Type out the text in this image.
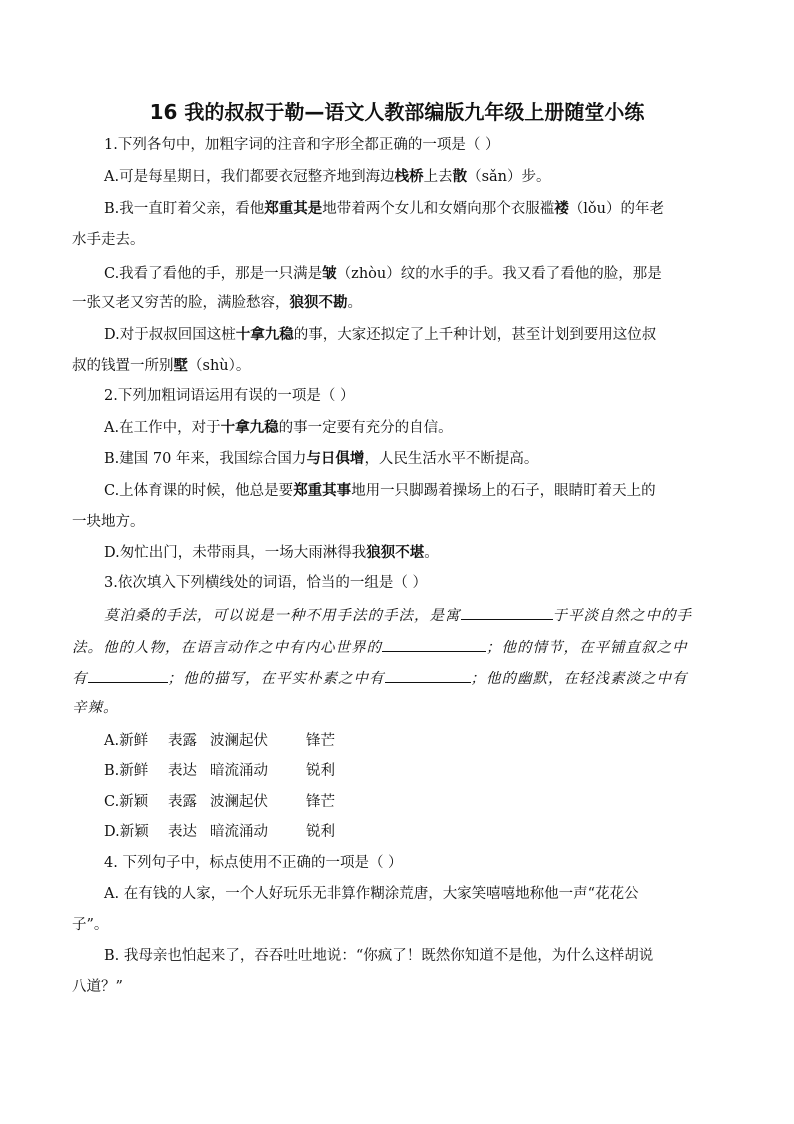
16 我的叔叔于勒—语文人教部编版九年级上册随堂小练
1.下列各句中，加粗字词的注音和字形全都正确的一项是（ ）
A.可是每星期日，我们都要衣冠整齐地到海边栈桥上去散（sǎn）步。
B.我一直盯着父亲，看他郑重其是地带着两个女儿和女婿向那个衣服褴褛（lǒu）的年老
水手走去。
C.我看了看他的手，那是一只满是皱（zhòu）纹的水手的手。我又看了看他的脸，那是
一张又老又穷苦的脸，满脸愁容，狼狈不勘。
D.对于叔叔回国这桩十拿九稳的事，大家还拟定了上千种计划，甚至计划到要用这位叔
叔的钱置一所别墅（shù）。
2.下列加粗词语运用有误的一项是（ ）
A.在工作中，对于十拿九稳的事一定要有充分的自信。
B.建国 70 年来，我国综合国力与日俱增，人民生活水平不断提高。
C.上体育课的时候，他总是要郑重其事地用一只脚踢着操场上的石子，眼睛盯着天上的
一块地方。
D.匆忙出门，未带雨具，一场大雨淋得我狼狈不堪。
3.依次填入下列横线处的词语，恰当的一组是（ ）
莫泊桑的手法，可以说是一种不用手法的手法，是寓	于平淡自然之中的手
法。他的人物，在语言动作之中有内心世界的	；他的情节，在平铺直叙之中
有	；他的描写，在平实朴素之中有	；他的幽默，在轻浅素淡之中有
辛辣。
A.新鲜 表露 波澜起伏	锋芒
B.新鲜 表达 暗流涌动	锐利
C.新颖 表露 波澜起伏	锋芒
D.新颖 表达 暗流涌动	锐利
4. 下列句子中，标点使用不正确的一项是（ ）
A. 在有钱的人家，一个人好玩乐无非算作糊涂荒唐，大家笑嘻嘻地称他一声“花花公
子”。
B. 我母亲也怕起来了，吞吞吐吐地说：“你疯了！既然你知道不是他，为什么这样胡说
八道？”
